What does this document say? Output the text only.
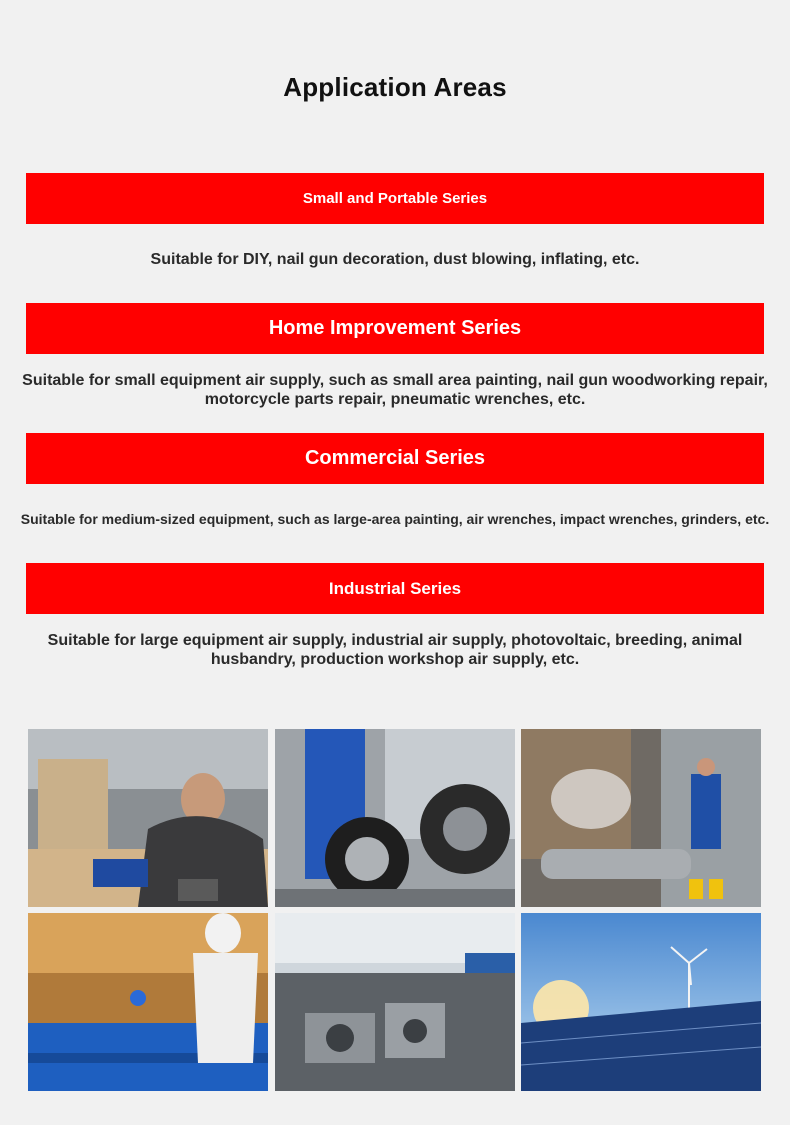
Application Areas
Small and Portable Series
Suitable for DIY, nail gun decoration, dust blowing, inflating, etc.
Home Improvement Series
Suitable for small equipment air supply, such as small area painting, nail gun woodworking repair, motorcycle parts repair, pneumatic wrenches, etc.
Commercial Series
Suitable for medium-sized equipment, such as large-area painting, air wrenches, impact wrenches, grinders, etc.
Industrial Series
Suitable for large equipment air supply, industrial air supply, photovoltaic, breeding, animal husbandry, production workshop air supply, etc.
